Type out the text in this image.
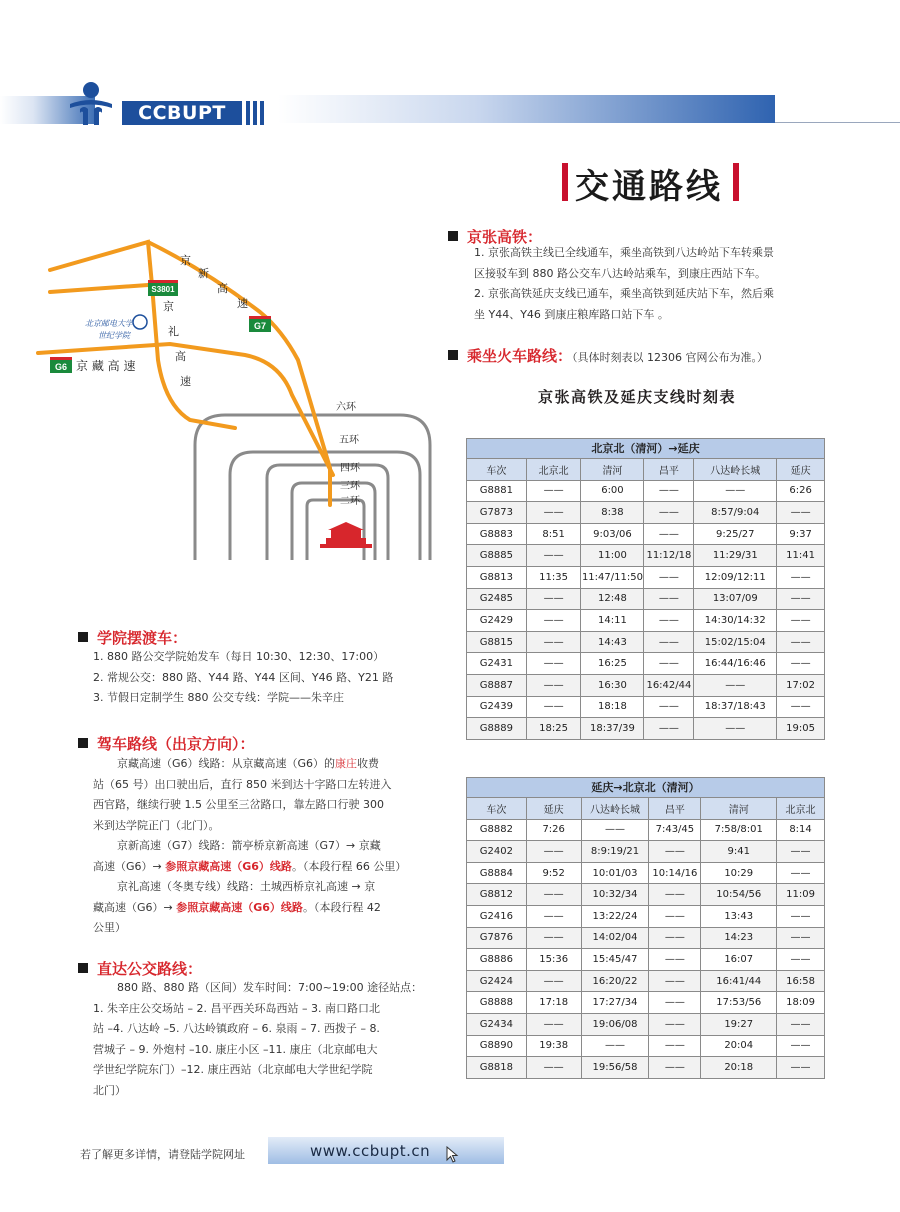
CCBUPT
交通路线
S3801
G7
G6
京
新
高
速
京
礼
高
速
京 藏 高 速
北京邮电大学
世纪学院
六环
五环
四环
三环
二环
京张高铁：
1. 京张高铁主线已全线通车，乘坐高铁到八达岭站下车转乘景
区接驳车到 880 路公交车八达岭站乘车，到康庄西站下车。
2. 京张高铁延庆支线已通车，乘坐高铁到延庆站下车，然后乘
坐 Y44、Y46 到康庄粮库路口站下车 。
乘坐火车路线：（具体时刻表以 12306 官网公布为准。）
京张高铁及延庆支线时刻表
北京北（清河）→延庆
车次	北京北	清河	昌平	八达岭长城	延庆
G8881	——	6:00	——	——	6:26
G7873	——	8:38	——	8:57/9:04	——
G8883	8:51	9:03/06	——	9:25/27	9:37
G8885	——	11:00	11:12/18	11:29/31	11:41
G8813	11:35	11:47/11:50	——	12:09/12:11	——
G2485	——	12:48	——	13:07/09	——
G2429	——	14:11	——	14:30/14:32	——
G8815	——	14:43	——	15:02/15:04	——
G2431	——	16:25	——	16:44/16:46	——
G8887	——	16:30	16:42/44	——	17:02
G2439	——	18:18	——	18:37/18:43	——
G8889	18:25	18:37/39	——	——	19:05
延庆→北京北（清河）
车次	延庆	八达岭长城	昌平	清河	北京北
G8882	7:26	——	7:43/45	7:58/8:01	8:14
G2402	——	8:9:19/21	——	9:41	——
G8884	9:52	10:01/03	10:14/16	10:29	——
G8812	——	10:32/34	——	10:54/56	11:09
G2416	——	13:22/24	——	13:43	——
G7876	——	14:02/04	——	14:23	——
G8886	15:36	15:45/47	——	16:07	——
G2424	——	16:20/22	——	16:41/44	16:58
G8888	17:18	17:27/34	——	17:53/56	18:09
G2434	——	19:06/08	——	19:27	——
G8890	19:38	——	——	20:04	——
G8818	——	19:56/58	——	20:18	——
学院摆渡车：
1. 880 路公交学院始发车（每日 10:30、12:30、17:00）
2. 常规公交：880 路、Y44 路、Y44 区间、Y46 路、Y21 路
3. 节假日定制学生 880 公交专线：学院——朱辛庄
驾车路线（出京方向）：
京藏高速（G6）线路：从京藏高速（G6）的康庄收费
站（65 号）出口驶出后，直行 850 米到达十字路口左转进入
西官路，继续行驶 1.5 公里至三岔路口，靠左路口行驶 300
米到达学院正门（北门）。
京新高速（G7）线路：箭亭桥京新高速（G7）→ 京藏
高速（G6）→ 参照京藏高速（G6）线路。（本段行程 66 公里）
京礼高速（冬奥专线）线路：土城西桥京礼高速 → 京
藏高速（G6）→ 参照京藏高速（G6）线路。（本段行程 42
公里）
直达公交路线：
880 路、880 路（区间）发车时间：7:00~19:00 途径站点：
1. 朱辛庄公交场站 – 2. 昌平西关环岛西站 – 3. 南口路口北
站 –4. 八达岭 –5. 八达岭镇政府 – 6. 泉雨 – 7. 西拨子 – 8.
营城子 – 9. 外炮村 –10. 康庄小区 –11. 康庄（北京邮电大
学世纪学院东门）–12. 康庄西站（北京邮电大学世纪学院
北门）
若了解更多详情，请登陆学院网址	www.ccbupt.cn
